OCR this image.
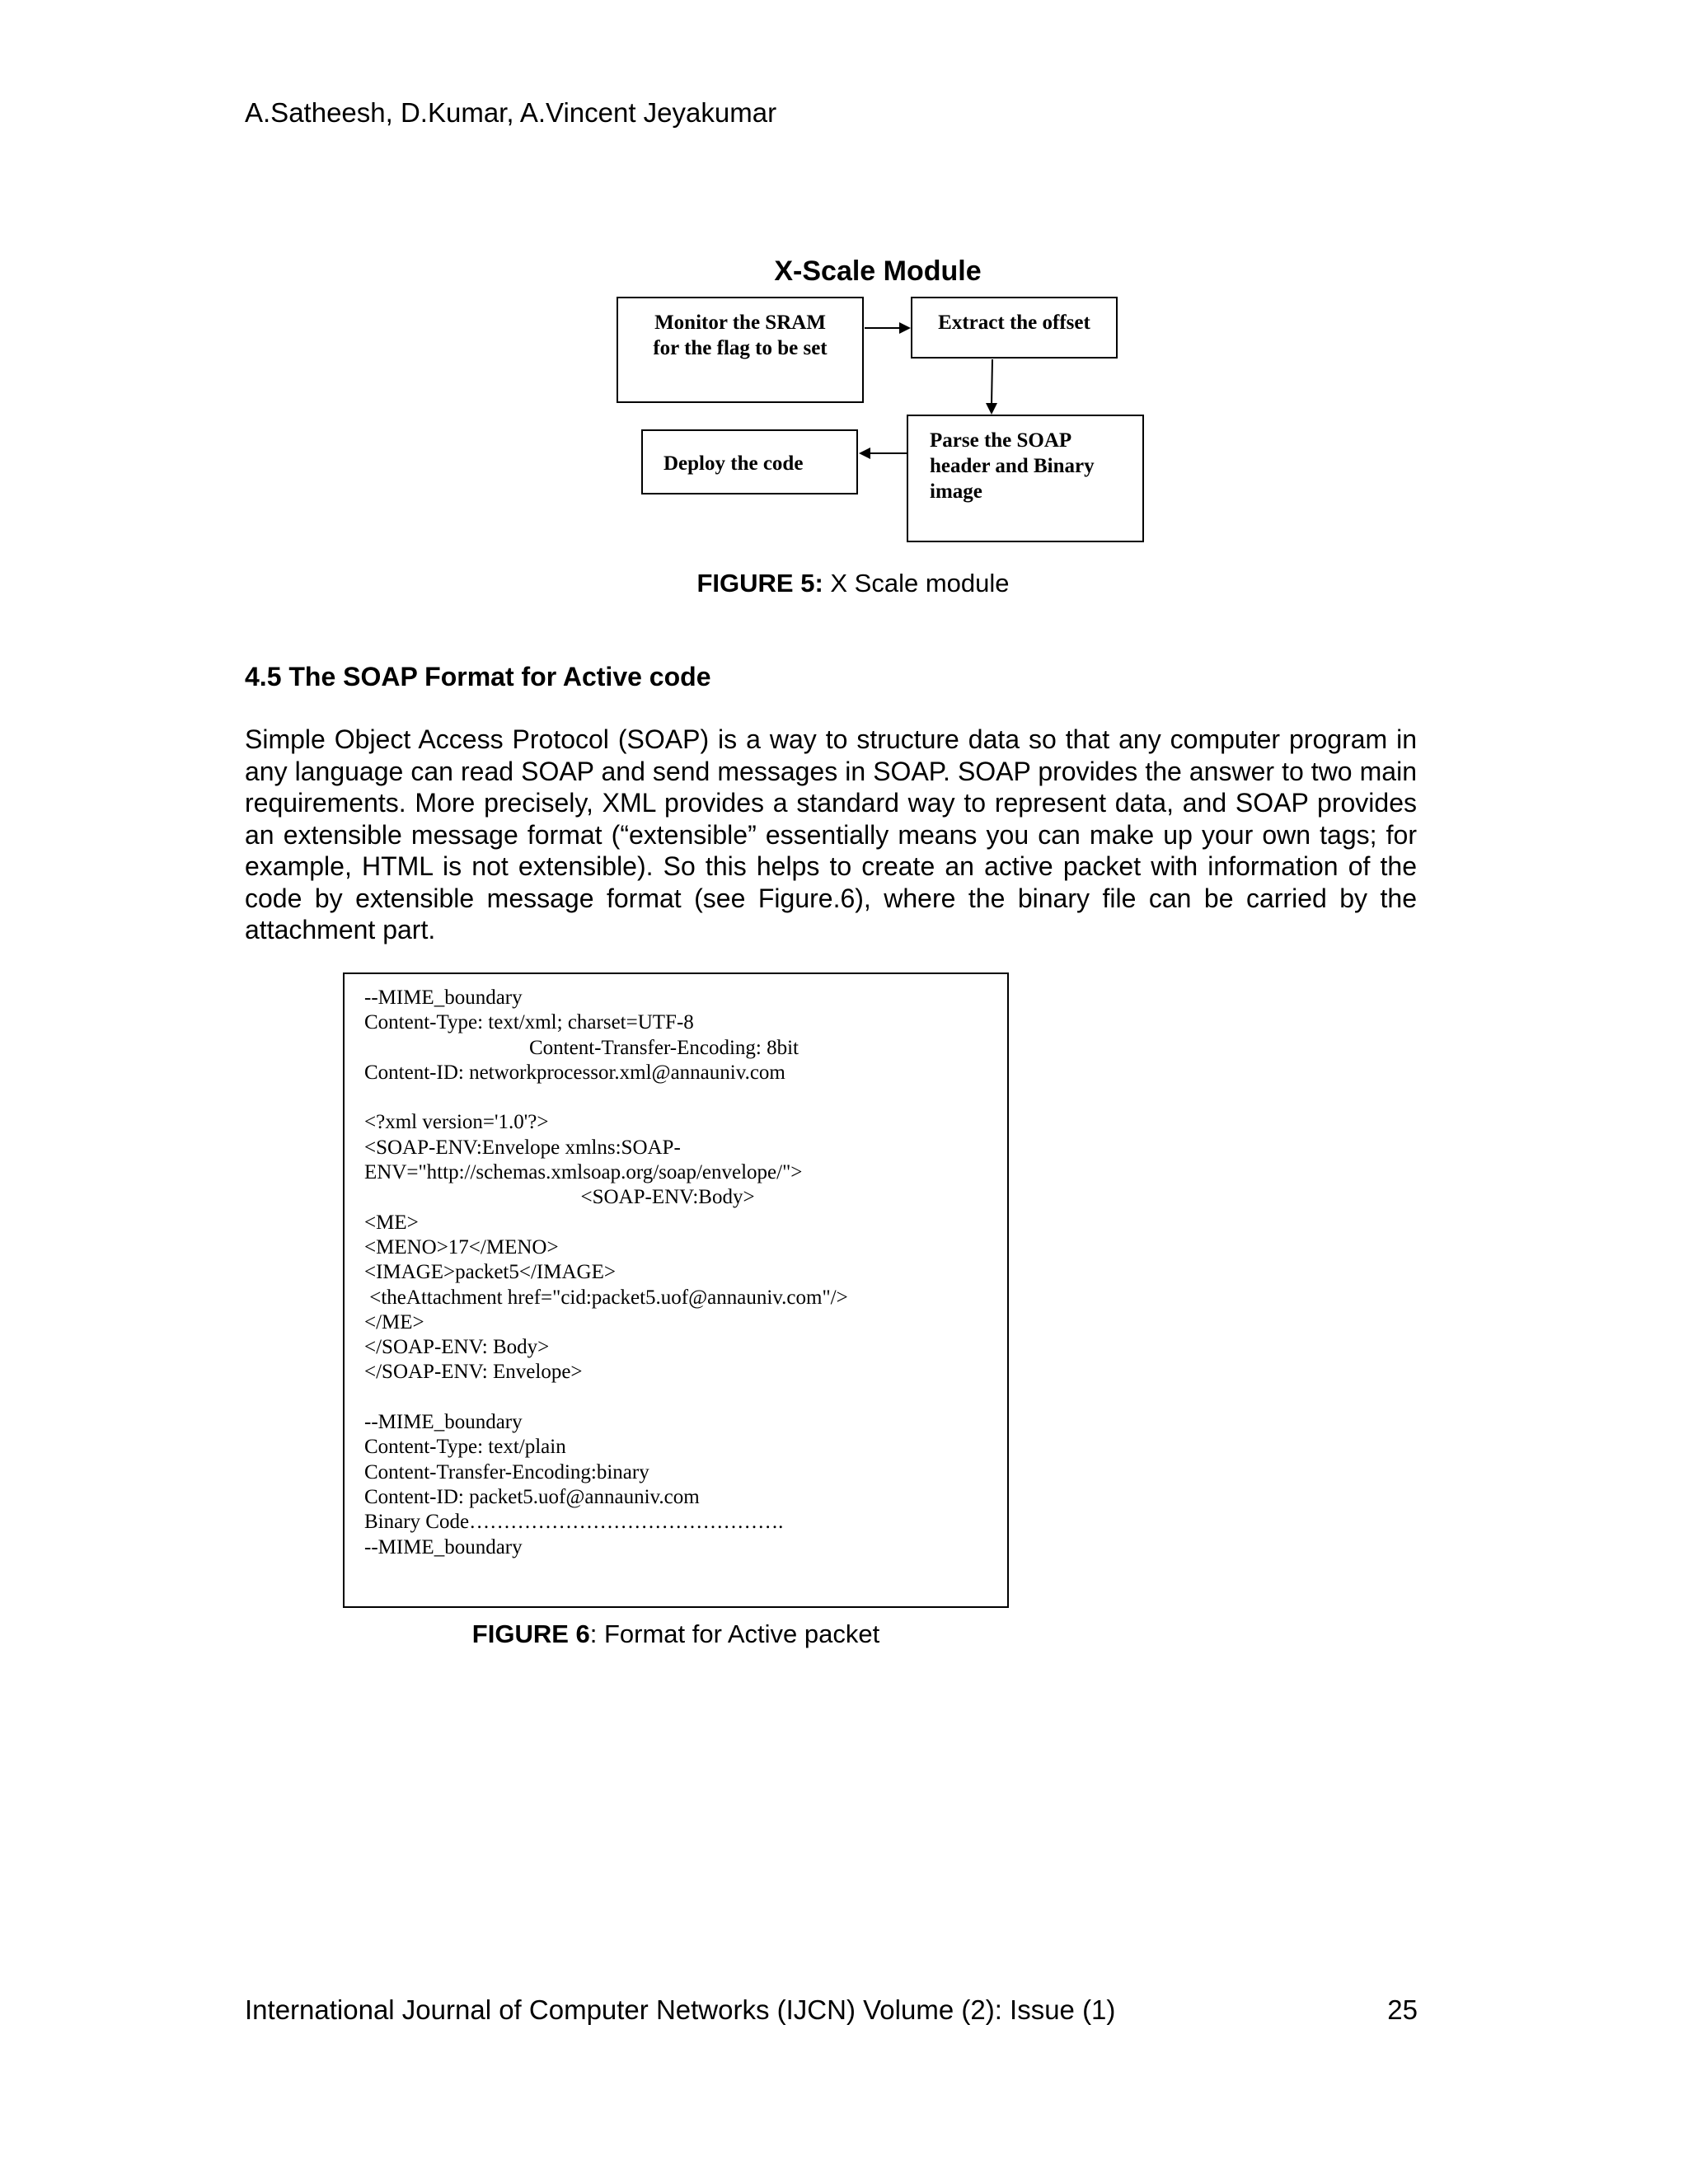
A.Satheesh, D.Kumar, A.Vincent Jeyakumar
X-Scale Module
Monitor the SRAM
for the flag to be set
Extract the offset
Deploy the code
Parse the SOAP
header and Binary
image
FIGURE 5: X Scale module
4.5 The SOAP Format for Active code
Simple Object Access Protocol (SOAP) is a way to structure data so that any computer program in any language can read SOAP and send messages in SOAP. SOAP provides the answer to two main requirements. More precisely, XML provides a standard way to represent data, and SOAP provides an extensible message format (“extensible” essentially means you can make up your own tags; for example, HTML is not extensible). So this helps to create an active packet with information of the code by extensible message format (see Figure.6), where the binary file can be carried by the attachment part.
--MIME_boundary
Content-Type: text/xml; charset=UTF-8
Content-Transfer-Encoding: 8bit
Content-ID: networkprocessor.xml@annauniv.com
<?xml version='1.0'?>
<SOAP-ENV:Envelope xmlns:SOAP-
ENV="http://schemas.xmlsoap.org/soap/envelope/">
<SOAP-ENV:Body>
<ME>
<MENO>17</MENO>
<IMAGE>packet5</IMAGE>
<theAttachment href="cid:packet5.uof@annauniv.com"/>
</ME>
</SOAP-ENV: Body>
</SOAP-ENV: Envelope>
--MIME_boundary
Content-Type: text/plain
Content-Transfer-Encoding:binary
Content-ID: packet5.uof@annauniv.com
Binary Code……………………………………….
--MIME_boundary
FIGURE 6: Format for Active packet
International Journal of Computer Networks (IJCN) Volume (2): Issue (1)	25
